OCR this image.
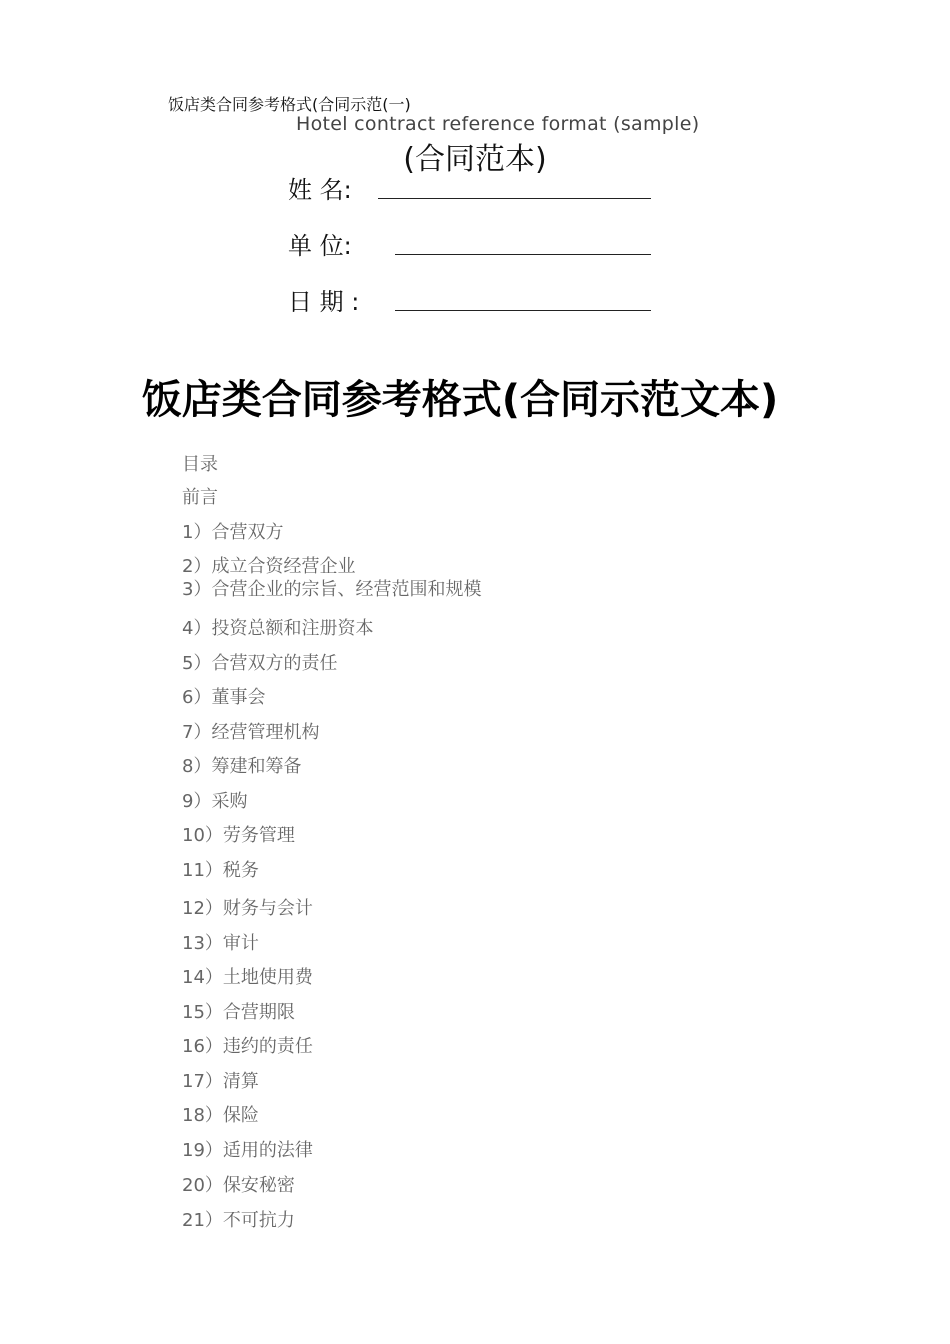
饭店类合同参考格式(合同示范(一)
Hotel contract reference format (sample)
(合同范本)
姓 名:
单 位:
日 期 :
饭店类合同参考格式(合同示范文本)
目录
前言
1）合营双方
2）成立合资经营企业
3）合营企业的宗旨、经营范围和规模
4）投资总额和注册资本
5）合营双方的责任
6）董事会
7）经营管理机构
8）筹建和筹备
9）采购
10）劳务管理
11）税务
12）财务与会计
13）审计
14）土地使用费
15）合营期限
16）违约的责任
17）清算
18）保险
19）适用的法律
20）保安秘密
21）不可抗力
